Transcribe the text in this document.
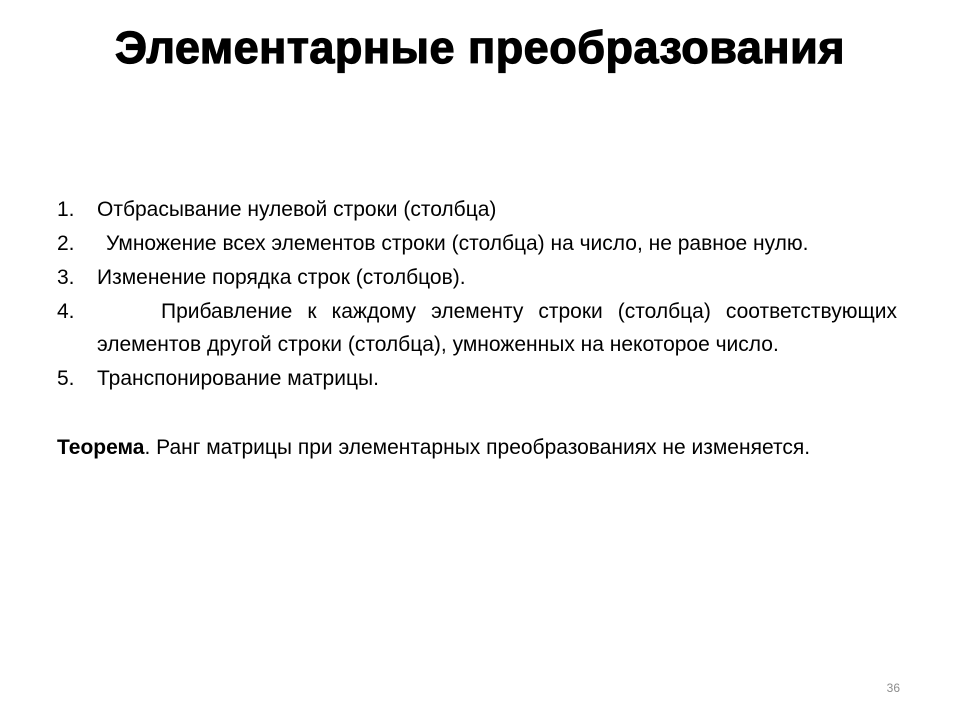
Элементарные преобразования
1.	Отбрасывание нулевой строки (столбца)
2.	Умножение всех элементов строки (столбца) на число, не равное нулю.
3.	Изменение порядка строк (столбцов).
4.	Прибавление к каждому элементу строки (столбца) соответствующих элементов другой строки (столбца), умноженных на некоторое число.
5.	Транспонирование матрицы.
Теорема. Ранг матрицы при элементарных преобразованиях не изменяется.
36
